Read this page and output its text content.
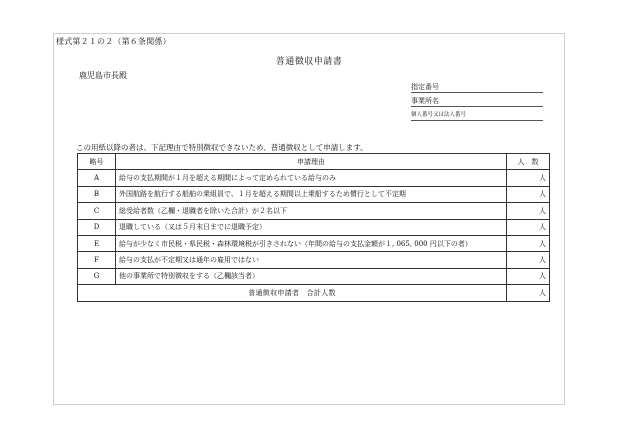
様式第２１の２（第６条関係）
普通徴収申請書
鹿児島市長殿
指定番号
事業所名
個人番号又は法人番号
この用紙以降の者は、下記理由で特別徴収できないため、普通徴収として申請します。
略号	申請理由	人　数
A	給与の支払期間が１月を超える期間によって定められている給与のみ	人
B	外国航路を航行する船舶の乗組員で、１月を超える期間以上乗船するため慣行として不定期	人
C	総受給者数（乙欄・退職者を除いた合計）が２名以下	人
D	退職している（又は５月末日までに退職予定）	人
E	給与が少なく市民税・県民税・森林環境税が引きされない（年間の給与の支払金額が１, 065, 000 円以下の者）	人
F	給与の支払が不定期又は通年の雇用ではない	人
G	他の事業所で特別徴収をする（乙欄該当者）	人
普通徴収申請者　合計人数		人
